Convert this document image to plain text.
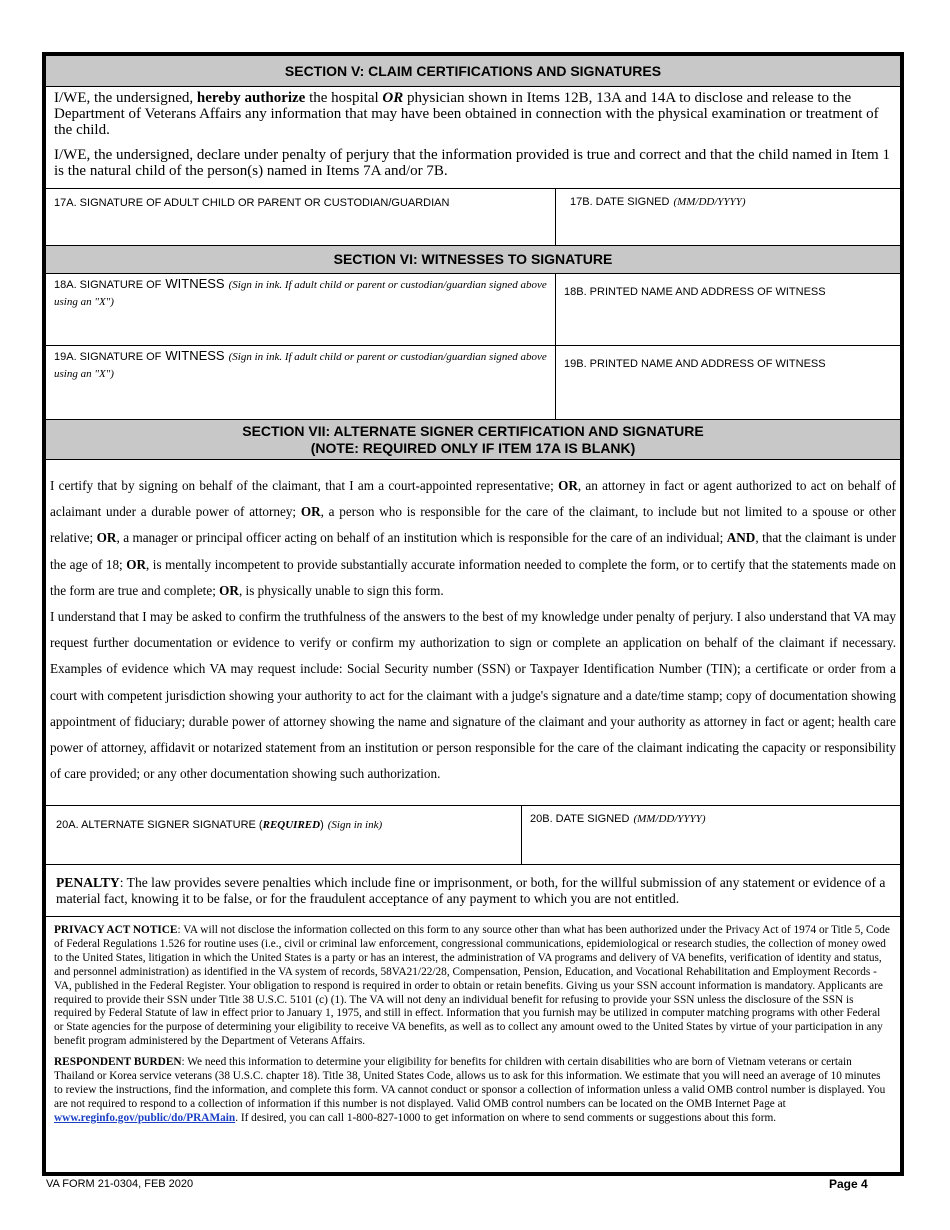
SECTION V: CLAIM CERTIFICATIONS AND SIGNATURES

I/WE, the undersigned, hereby authorize the hospital OR physician shown in Items 12B, 13A and 14A to disclose and release to the Department of Veterans Affairs any information that may have been obtained in connection with the physical examination or treatment of the child.

I/WE, the undersigned, declare under penalty of perjury that the information provided is true and correct and that the child named in Item 1 is the natural child of the person(s) named in Items 7A and/or 7B.

17A. SIGNATURE OF ADULT CHILD OR PARENT OR CUSTODIAN/GUARDIAN	17B. DATE SIGNED (MM/DD/YYYY)
SECTION VI: WITNESSES TO SIGNATURE
18A. SIGNATURE OF WITNESS (Sign in ink. If adult child or parent or custodian/guardian signed above using an "X")
18B. PRINTED NAME AND ADDRESS OF WITNESS
19A. SIGNATURE OF WITNESS (Sign in ink. If adult child or parent or custodian/guardian signed above using an "X")
19B. PRINTED NAME AND ADDRESS OF WITNESS
SECTION VII: ALTERNATE SIGNER CERTIFICATION AND SIGNATURE
(NOTE: REQUIRED ONLY IF ITEM 17A IS BLANK)

I certify that by signing on behalf of the claimant, that I am a court-appointed representative; OR, an attorney in fact or agent authorized to act on behalf of aclaimant under a durable power of attorney; OR, a person who is responsible for the care of the claimant, to include but not limited to a spouse or other relative; OR, a manager or principal officer acting on behalf of an institution which is responsible for the care of an individual; AND, that the claimant is under the age of 18; OR, is mentally incompetent to provide substantially accurate information needed to complete the form, or to certify that the statements made on the form are true and complete; OR, is physically unable to sign this form.

I understand that I may be asked to confirm the truthfulness of the answers to the best of my knowledge under penalty of perjury. I also understand that VA may request further documentation or evidence to verify or confirm my authorization to sign or complete an application on behalf of the claimant if necessary. Examples of evidence which VA may request include: Social Security number (SSN) or Taxpayer Identification Number (TIN); a certificate or order from a court with competent jurisdiction showing your authority to act for the claimant with a judge's signature and a date/time stamp; copy of documentation showing appointment of fiduciary; durable power of attorney showing the name and signature of the claimant and your authority as attorney in fact or agent; health care power of attorney, affidavit or notarized statement from an institution or person responsible for the care of the claimant indicating the capacity or responsibility of care provided; or any other documentation showing such authorization.

20A. ALTERNATE SIGNER SIGNATURE (REQUIRED) (Sign in ink)	20B. DATE SIGNED (MM/DD/YYYY)
PENALTY: The law provides severe penalties which include fine or imprisonment, or both, for the willful submission of any statement or evidence of a material fact, knowing it to be false, or for the fraudulent acceptance of any payment to which you are not entitled.

PRIVACY ACT NOTICE: VA will not disclose the information collected on this form to any source other than what has been authorized under the Privacy Act of 1974 or Title 5, Code of Federal Regulations 1.526 for routine uses (i.e., civil or criminal law enforcement, congressional communications, epidemiological or research studies, the collection of money owed to the United States, litigation in which the United States is a party or has an interest, the administration of VA programs and delivery of VA benefits, verification of identity and status, and personnel administration) as identified in the VA system of records, 58VA21/22/28, Compensation, Pension, Education, and Vocational Rehabilitation and Employment Records - VA, published in the Federal Register. Your obligation to respond is required in order to obtain or retain benefits. Giving us your SSN account information is mandatory. Applicants are required to provide their SSN under Title 38 U.S.C. 5101 (c) (1). The VA will not deny an individual benefit for refusing to provide your SSN unless the disclosure of the SSN is required by Federal Statute of law in effect prior to January 1, 1975, and still in effect. Information that you furnish may be utilized in computer matching programs with other Federal or State agencies for the purpose of determining your eligibility to receive VA benefits, as well as to collect any amount owed to the United States by virtue of your participation in any benefit program administered by the Department of Veterans Affairs.

RESPONDENT BURDEN: We need this information to determine your eligibility for benefits for children with certain disabilities who are born of Vietnam veterans or certain Thailand or Korea service veterans (38 U.S.C. chapter 18). Title 38, United States Code, allows us to ask for this information. We estimate that you will need an average of 10 minutes to review the instructions, find the information, and complete this form. VA cannot conduct or sponsor a collection of information unless a valid OMB control number is displayed. You are not required to respond to a collection of information if this number is not displayed. Valid OMB control numbers can be located on the OMB Internet Page at www.reginfo.gov/public/do/PRAMain. If desired, you can call 1-800-827-1000 to get information on where to send comments or suggestions about this form.

VA FORM 21-0304, FEB 2020	Page 4
